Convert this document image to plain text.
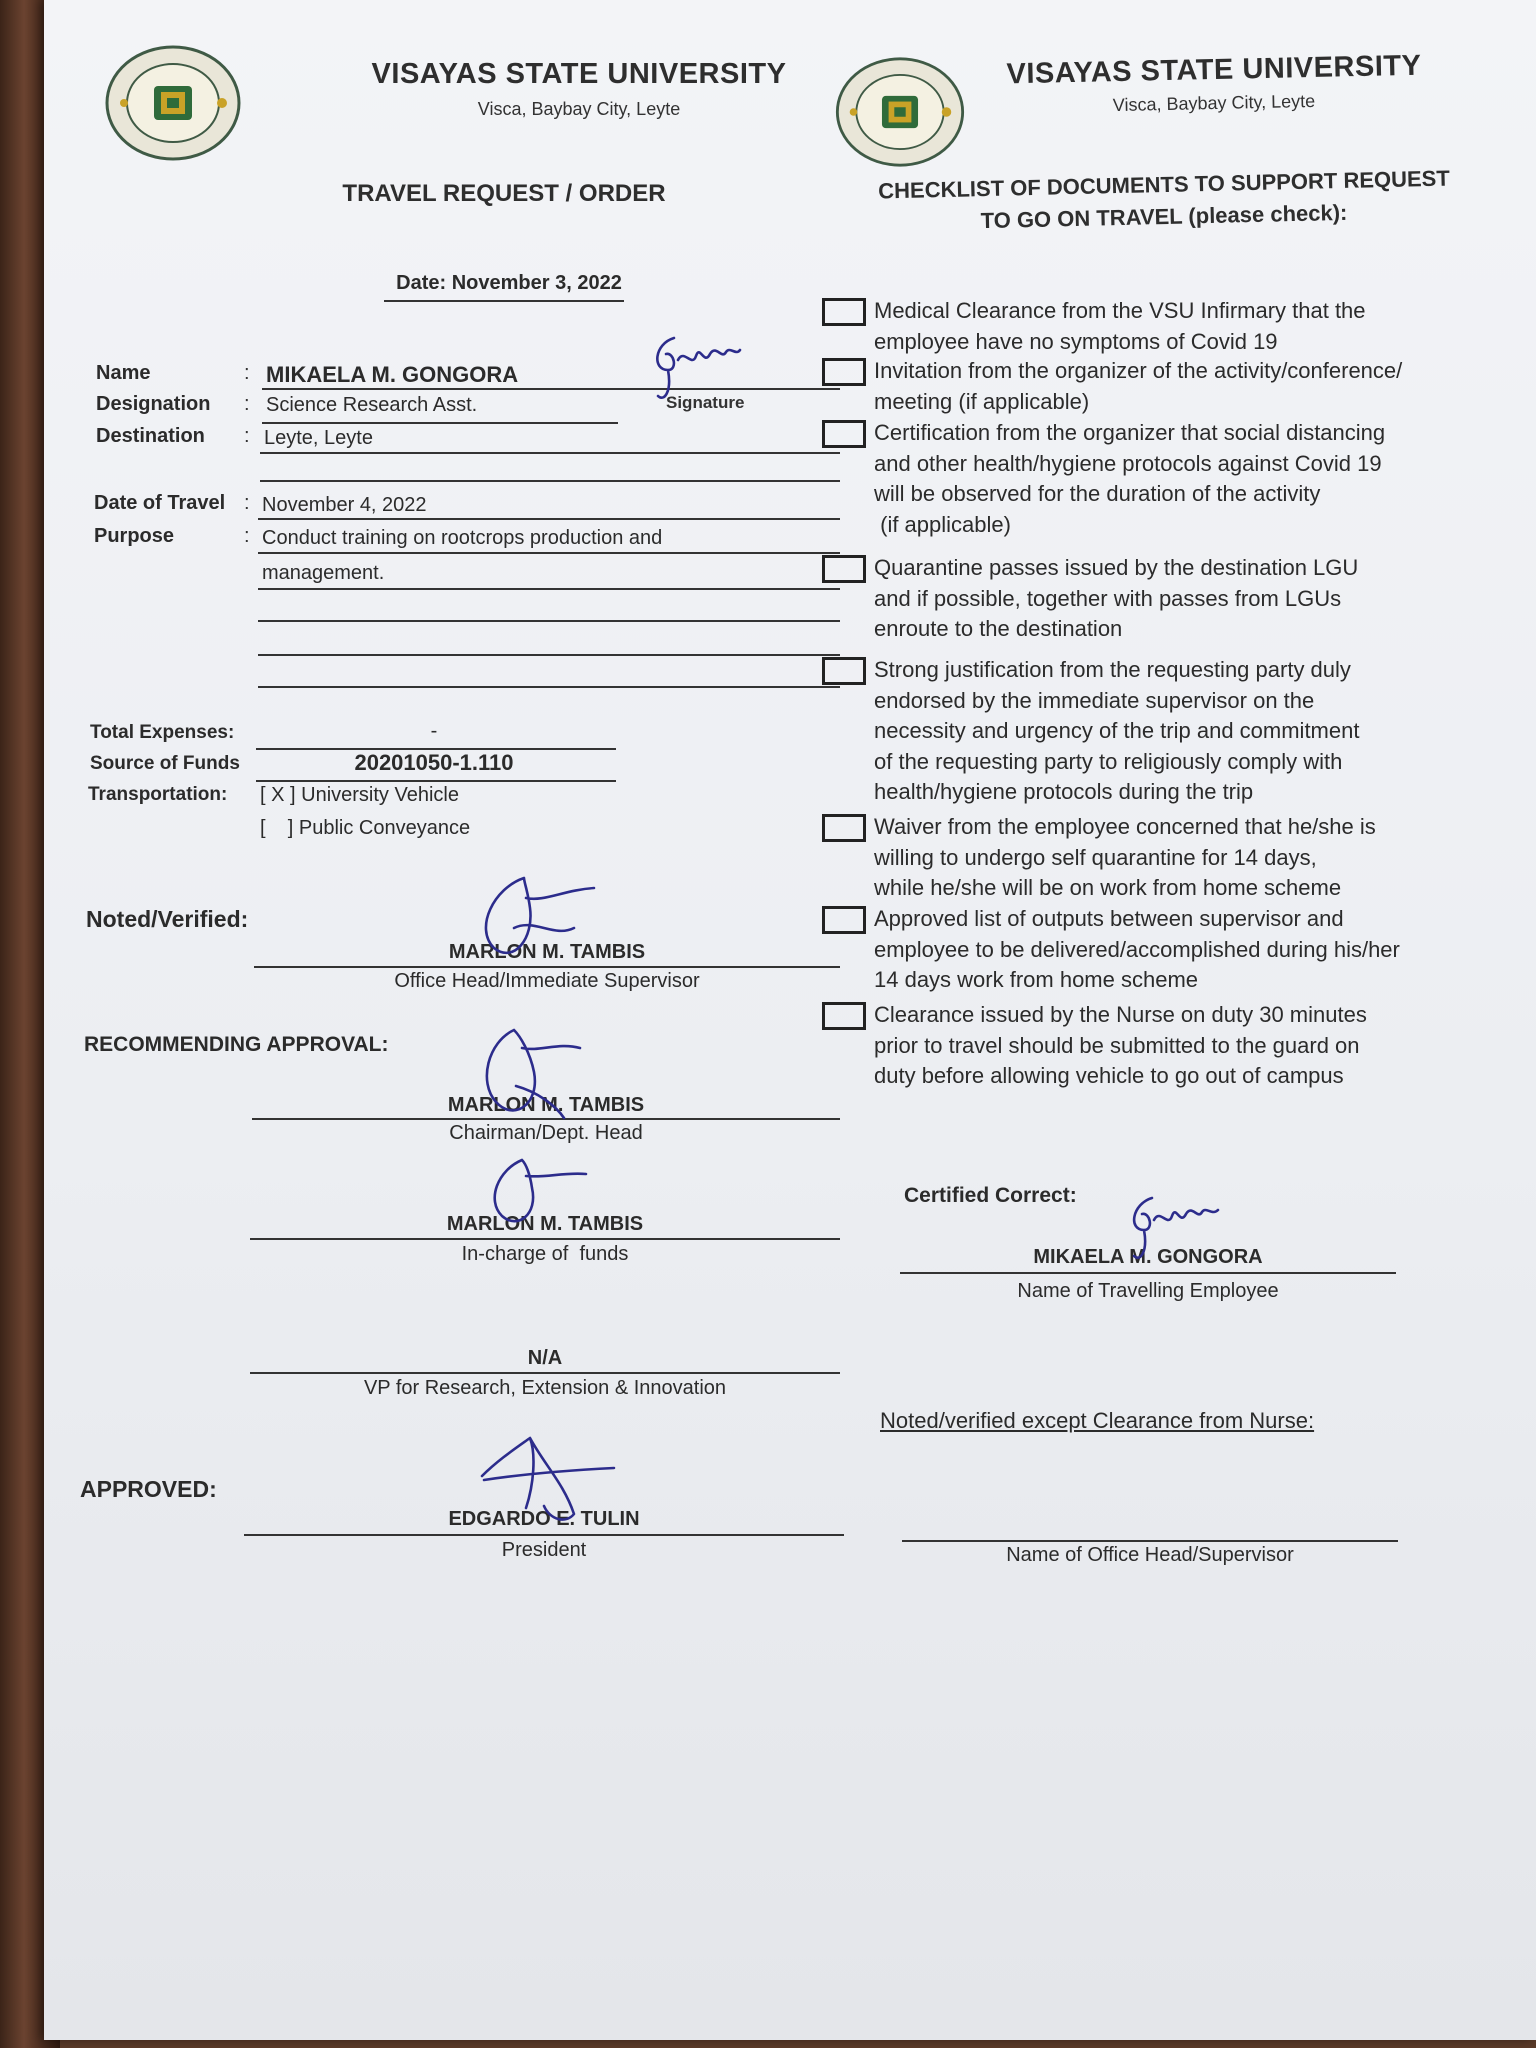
VISAYAS STATE UNIVERSITY
Visca, Baybay City, Leyte
TRAVEL REQUEST / ORDER
Date: November 3, 2022
Name	: MIKAELA M. GONGORA
Signature
Designation : Science Research Asst.
Destination : Leyte, Leyte
Date of Travel : November 4, 2022
Purpose	: Conduct training on rootcrops production and
management.
Total Expenses:	-
Source of Funds	20201050-1.110
Transportation: [ X ] University Vehicle
[    ] Public Conveyance
Noted/Verified:
MARLON M. TAMBIS
Office Head/Immediate Supervisor
RECOMMENDING APPROVAL:
MARLON M. TAMBIS
Chairman/Dept. Head
MARLON M. TAMBIS
In-charge of  funds
N/A
VP for Research, Extension & Innovation
APPROVED:
EDGARDO E. TULIN
President
VISAYAS STATE UNIVERSITY
Visca, Baybay City, Leyte
CHECKLIST OF DOCUMENTS TO SUPPORT REQUEST
TO GO ON TRAVEL (please check):
Medical Clearance from the VSU Infirmary that the
employee have no symptoms of Covid 19
Invitation from the organizer of the activity/conference/
meeting (if applicable)
Certification from the organizer that social distancing
and other health/hygiene protocols against Covid 19
will be observed for the duration of the activity
(if applicable)
Quarantine passes issued by the destination LGU
and if possible, together with passes from LGUs
enroute to the destination
Strong justification from the requesting party duly
endorsed by the immediate supervisor on the
necessity and urgency of the trip and commitment
of the requesting party to religiously comply with
health/hygiene protocols during the trip
Waiver from the employee concerned that he/she is
willing to undergo self quarantine for 14 days,
while he/she will be on work from home scheme
Approved list of outputs between supervisor and
employee to be delivered/accomplished during his/her
14 days work from home scheme
Clearance issued by the Nurse on duty 30 minutes
prior to travel should be submitted to the guard on
duty before allowing vehicle to go out of campus
Certified Correct:
MIKAELA M. GONGORA
Name of Travelling Employee
Noted/verified except Clearance from Nurse:
Name of Office Head/Supervisor
